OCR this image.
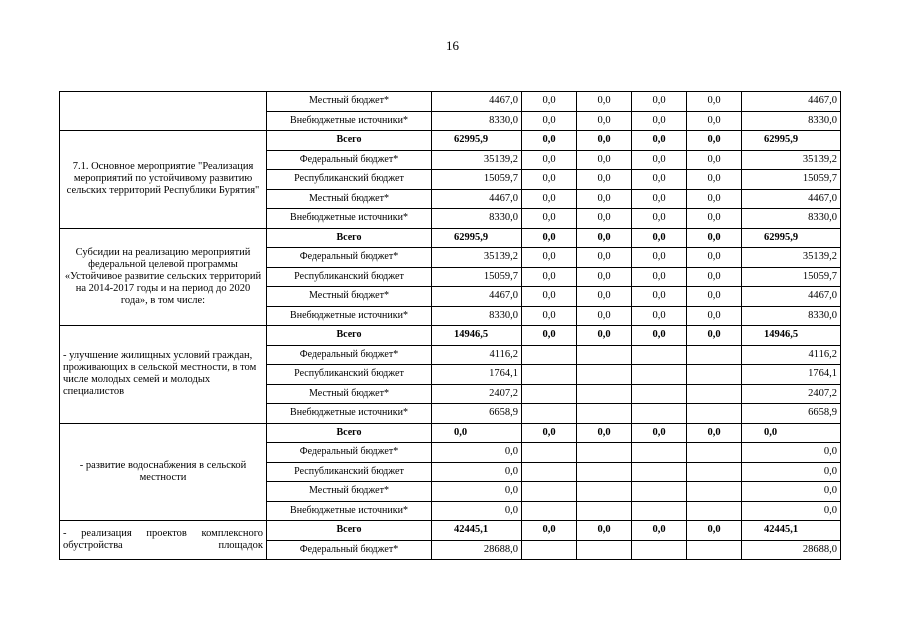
16
	Местный бюджет*	4467,0	0,0	0,0	0,0	0,0	4467,0
	Внебюджетные источники*	8330,0	0,0	0,0	0,0	0,0	8330,0
7.1. Основное мероприятие "Реализация мероприятий по устойчивому развитию сельских территорий Республики Бурятия"	Всего	62995,9	0,0	0,0	0,0	0,0	62995,9
	Федеральный бюджет*	35139,2	0,0	0,0	0,0	0,0	35139,2
	Республиканский бюджет	15059,7	0,0	0,0	0,0	0,0	15059,7
	Местный бюджет*	4467,0	0,0	0,0	0,0	0,0	4467,0
	Внебюджетные источники*	8330,0	0,0	0,0	0,0	0,0	8330,0
Субсидии на реализацию мероприятий федеральной целевой программы «Устойчивое развитие сельских территорий на 2014-2017 годы и на период до 2020 года», в том числе:	Всего	62995,9	0,0	0,0	0,0	0,0	62995,9
	Федеральный бюджет*	35139,2	0,0	0,0	0,0	0,0	35139,2
	Республиканский бюджет	15059,7	0,0	0,0	0,0	0,0	15059,7
	Местный бюджет*	4467,0	0,0	0,0	0,0	0,0	4467,0
	Внебюджетные источники*	8330,0	0,0	0,0	0,0	0,0	8330,0
- улучшение жилищных условий граждан, проживающих в сельской местности, в том числе молодых семей и молодых специалистов	Всего	14946,5	0,0	0,0	0,0	0,0	14946,5
	Федеральный бюджет*	4116,2					4116,2
	Республиканский бюджет	1764,1					1764,1
	Местный бюджет*	2407,2					2407,2
	Внебюджетные источники*	6658,9					6658,9
- развитие водоснабжения в сельской местности	Всего	0,0	0,0	0,0	0,0	0,0	0,0
	Федеральный бюджет*	0,0					0,0
	Республиканский бюджет	0,0					0,0
	Местный бюджет*	0,0					0,0
	Внебюджетные источники*	0,0					0,0
- реализация проектов комплексного обустройства площадок	Всего	42445,1	0,0	0,0	0,0	0,0	42445,1
	Федеральный бюджет*	28688,0					28688,0
